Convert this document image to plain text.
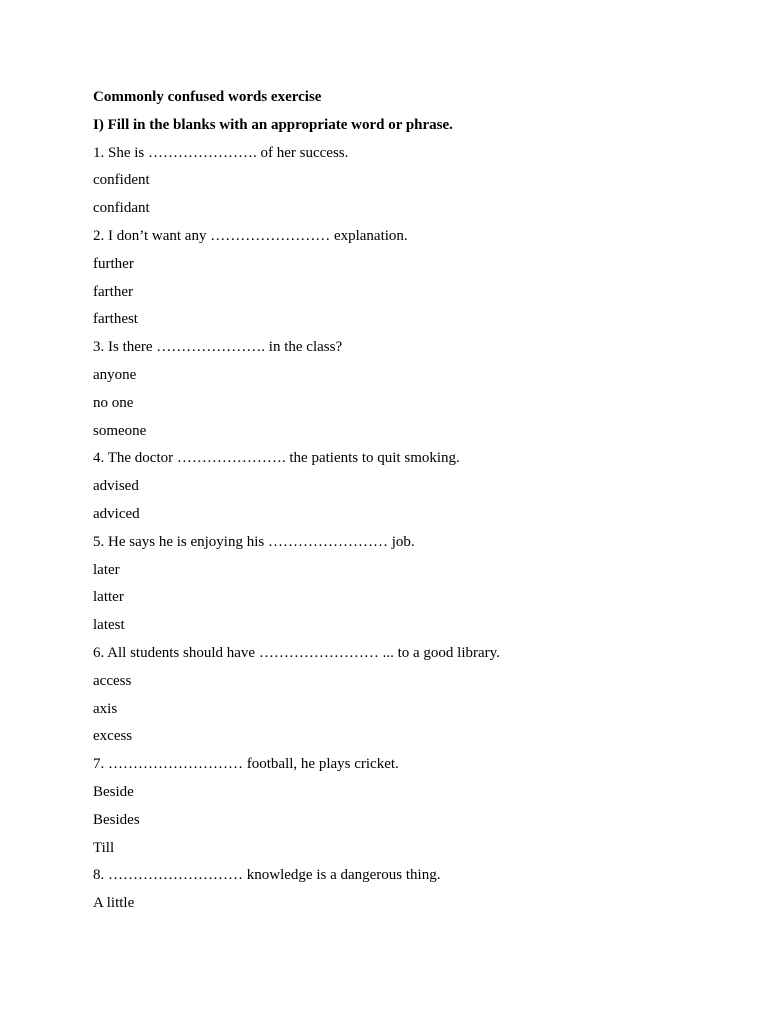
Commonly confused words exercise
I) Fill in the blanks with an appropriate word or phrase.
1. She is …………………. of her success.
confident
confidant
2. I don’t want any …………………… explanation.
further
farther
farthest
3. Is there …………………. in the class?
anyone
no one
someone
4. The doctor …………………. the patients to quit smoking.
advised
adviced
5. He says he is enjoying his …………………… job.
later
latter
latest
6. All students should have …………………… ... to a good library.
access
axis
excess
7. ……………………… football, he plays cricket.
Beside
Besides
Till
8. ……………………… knowledge is a dangerous thing.
A little
